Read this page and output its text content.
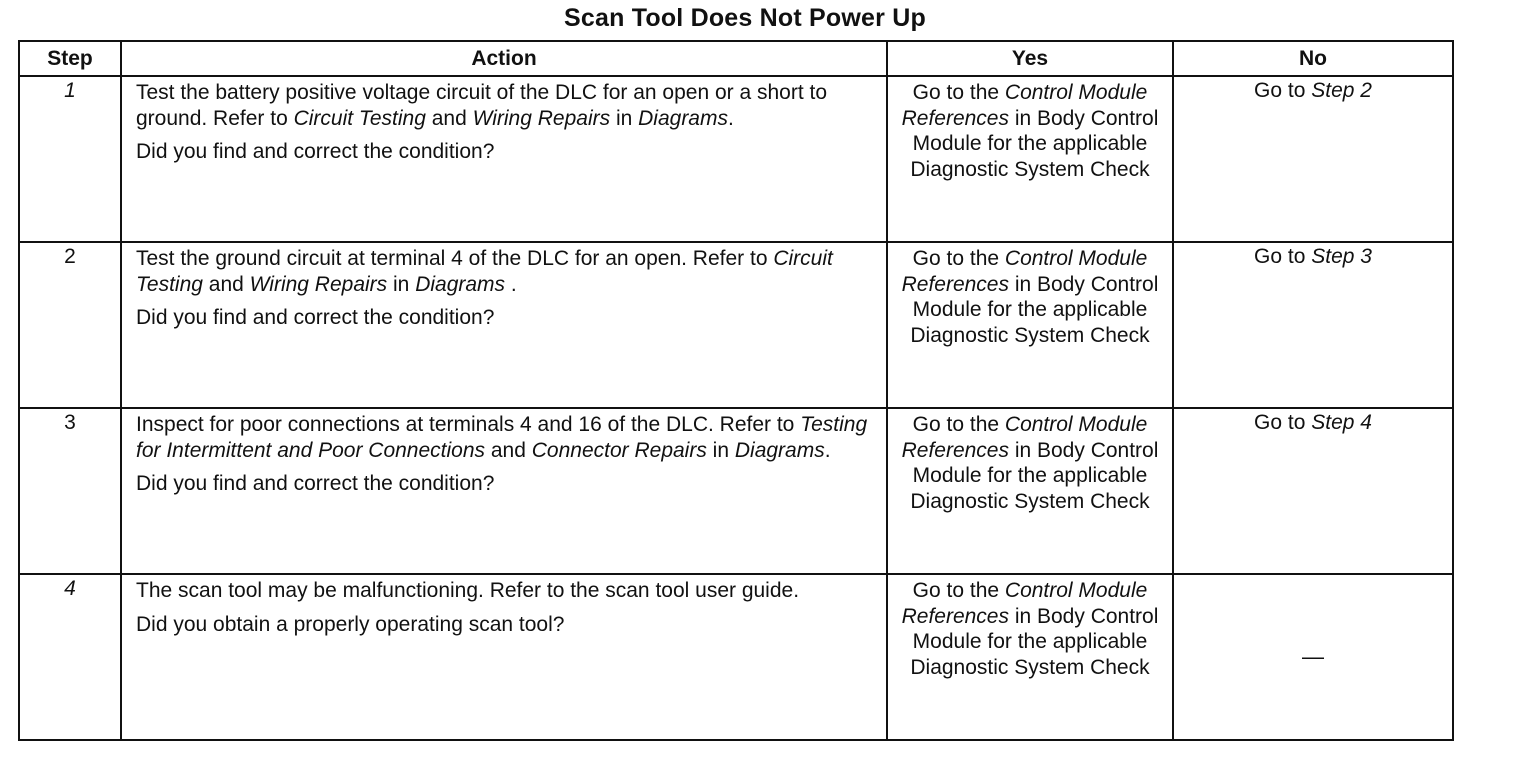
Scan Tool Does Not Power Up
Step	Action	Yes	No
1	Test the battery positive voltage circuit of the DLC for an open or a short to ground. Refer to Circuit Testing and Wiring Repairs in Diagrams.

Did you find and correct the condition?	Go to the Control Module References in Body Control Module for the applicable Diagnostic System Check	Go to Step 2
2	Test the ground circuit at terminal 4 of the DLC for an open. Refer to Circuit Testing and Wiring Repairs in Diagrams .

Did you find and correct the condition?	Go to the Control Module References in Body Control Module for the applicable Diagnostic System Check	Go to Step 3
3	Inspect for poor connections at terminals 4 and 16 of the DLC. Refer to Testing for Intermittent and Poor Connections and Connector Repairs in Diagrams.

Did you find and correct the condition?	Go to the Control Module References in Body Control Module for the applicable Diagnostic System Check	Go to Step 4
4	The scan tool may be malfunctioning. Refer to the scan tool user guide.

Did you obtain a properly operating scan tool?	Go to the Control Module References in Body Control Module for the applicable Diagnostic System Check	—
